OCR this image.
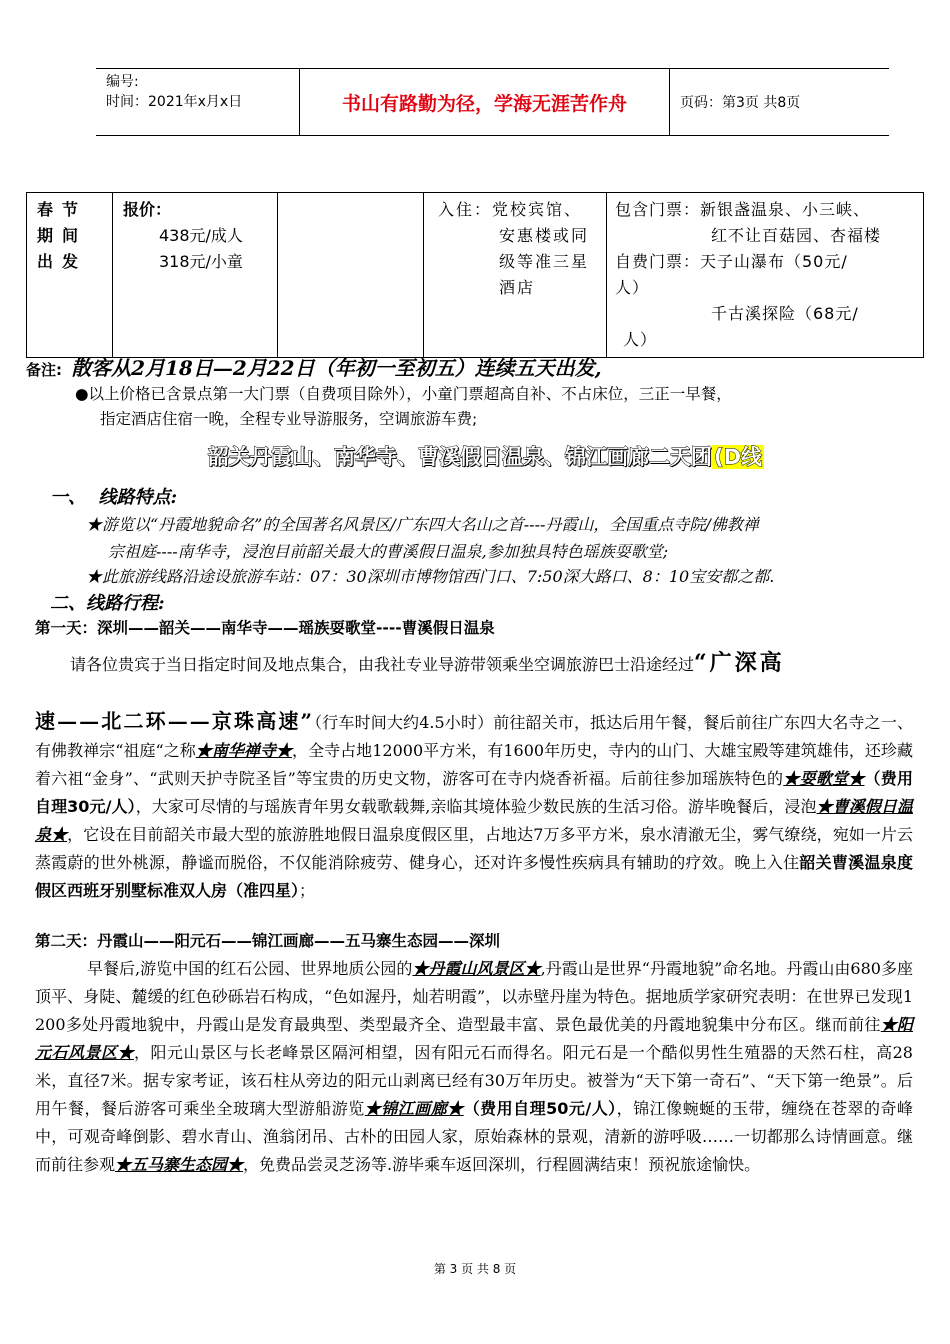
编号:
时间：2021年x月x日	书山有路勤为径，学海无涯苦作舟	页码：第3页 共8页
春节
期间
出发

报价：
438元/成人
318元/小童

入住：党校宾馆、
安惠楼或同
级等准三星
酒店

包含门票：新银盏温泉、小三峡、
红不让百菇园、杏福楼
自费门票：天子山瀑布（50元/
人）
千古溪探险（68元/
人）
备注: 散客从2月18日—2月22日（年初一至初五）连续五天出发,
●以上价格已含景点第一大门票（自费项目除外），小童门票超高自补、不占床位，三正一早餐，
指定酒店住宿一晚，全程专业导游服务，空调旅游车费;
韶关丹霞山、南华寺、曹溪假日温泉、锦江画廊二天团(D线
一、  线路特点:
★游览以“丹霞地貌命名”的全国著名风景区/广东四大名山之首----丹霞山，全国重点寺院/佛教禅
宗祖庭----南华寺，浸泡目前韶关最大的曹溪假日温泉,参加独具特色瑶族耍歌堂;
★此旅游线路沿途设旅游车站：07：30深圳市博物馆西门口、7:50深大路口、8：10宝安都之都.
二、线路行程:
第一天：深圳——韶关——南华寺——瑶族耍歌堂----曹溪假日温泉
请各位贵宾于当日指定时间及地点集合，由我社专业导游带领乘坐空调旅游巴士沿途经过“广深高
速——北二环——京珠高速”（行车时间大约4.5小时）前往韶关市，抵达后用午餐，餐后前往广东四大名寺之一、有佛教禅宗“祖庭“之称★南华禅寺★，全寺占地12000平方米，有1600年历史，寺内的山门、大雄宝殿等建筑雄伟，还珍藏着六祖“金身”、“武则天护寺院圣旨”等宝贵的历史文物，游客可在寺内烧香祈福。后前往参加瑶族特色的★耍歌堂★（费用自理30元/人），大家可尽情的与瑶族青年男女载歌载舞,亲临其境体验少数民族的生活习俗。游毕晚餐后，浸泡★曹溪假日温泉★，它设在目前韶关市最大型的旅游胜地假日温泉度假区里，占地达7万多平方米，泉水清澈无尘，雾气缭绕，宛如一片云蒸霞蔚的世外桃源，静谧而脱俗，不仅能消除疲劳、健身心，还对许多慢性疾病具有辅助的疗效。晚上入住韶关曹溪温泉度假区西班牙别墅标准双人房（准四星）；
第二天：丹霞山——阳元石——锦江画廊——五马寨生态园——深圳
早餐后,游览中国的红石公园、世界地质公园的★丹霞山风景区★,丹霞山是世界“丹霞地貌”命名地。丹霞山由680多座顶平、身陡、麓缓的红色砂砾岩石构成，“色如渥丹，灿若明霞”，以赤壁丹崖为特色。据地质学家研究表明：在世界已发现1200多处丹霞地貌中，丹霞山是发育最典型、类型最齐全、造型最丰富、景色最优美的丹霞地貌集中分布区。继而前往★阳元石风景区★，阳元山景区与长老峰景区隔河相望，因有阳元石而得名。阳元石是一个酷似男性生殖器的天然石柱，高28米，直径7米。据专家考证，该石柱从旁边的阳元山剥离已经有30万年历史。被誉为“天下第一奇石”、“天下第一绝景”。后用午餐，餐后游客可乘坐全玻璃大型游船游览★锦江画廊★（费用自理50元/人），锦江像蜿蜒的玉带，缠绕在苍翠的奇峰中，可观奇峰倒影、碧水青山、渔翁闭吊、古朴的田园人家，原始森林的景观，清新的游呼吸……一切都那么诗情画意。继而前往参观★五马寨生态园★，免费品尝灵芝汤等.游毕乘车返回深圳，行程圆满结束！预祝旅途愉快。
第 3 页 共 8 页
